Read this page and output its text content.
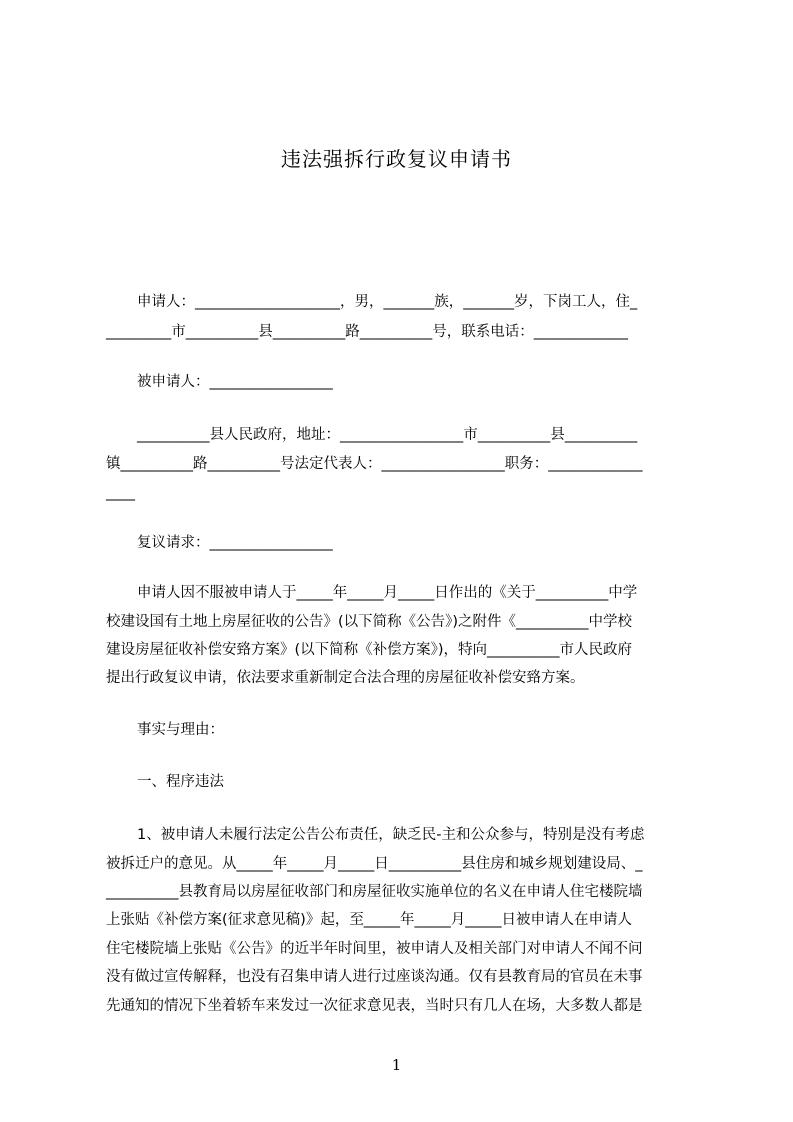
违法强拆行政复议申请书
申请人：____________________，男，_______族，_______岁，下岗工人，住_
_________市__________县__________路__________号，联系电话：_____________
被申请人：_________________
__________县人民政府，地址：_________________市__________县__________
镇__________路__________号法定代表人：_________________职务：_____________
____
复议请求：_________________
申请人因不服被申请人于_____年_____月_____日作出的《关于__________中学
校建设国有土地上房屋征收的公告》(以下简称《公告》)之附件《__________中学校
建设房屋征收补偿安臵方案》(以下简称《补偿方案》)，特向__________市人民政府
提出行政复议申请，依法要求重新制定合法合理的房屋征收补偿安臵方案。
事实与理由：
一、程序违法
1、被申请人未履行法定公告公布责任，缺乏民-主和公众参与，特别是没有考虑
被拆迁户的意见。从_____年_____月_____日__________县住房和城乡规划建设局、_
__________县教育局以房屋征收部门和房屋征收实施单位的名义在申请人住宅楼院墙
上张贴《补偿方案(征求意见稿)》起，至_____年_____月_____日被申请人在申请人
住宅楼院墙上张贴《公告》的近半年时间里，被申请人及相关部门对申请人不闻不问
没有做过宣传解释，也没有召集申请人进行过座谈沟通。仅有县教育局的官员在未事
先通知的情况下坐着轿车来发过一次征求意见表，当时只有几人在场，大多数人都是
1
